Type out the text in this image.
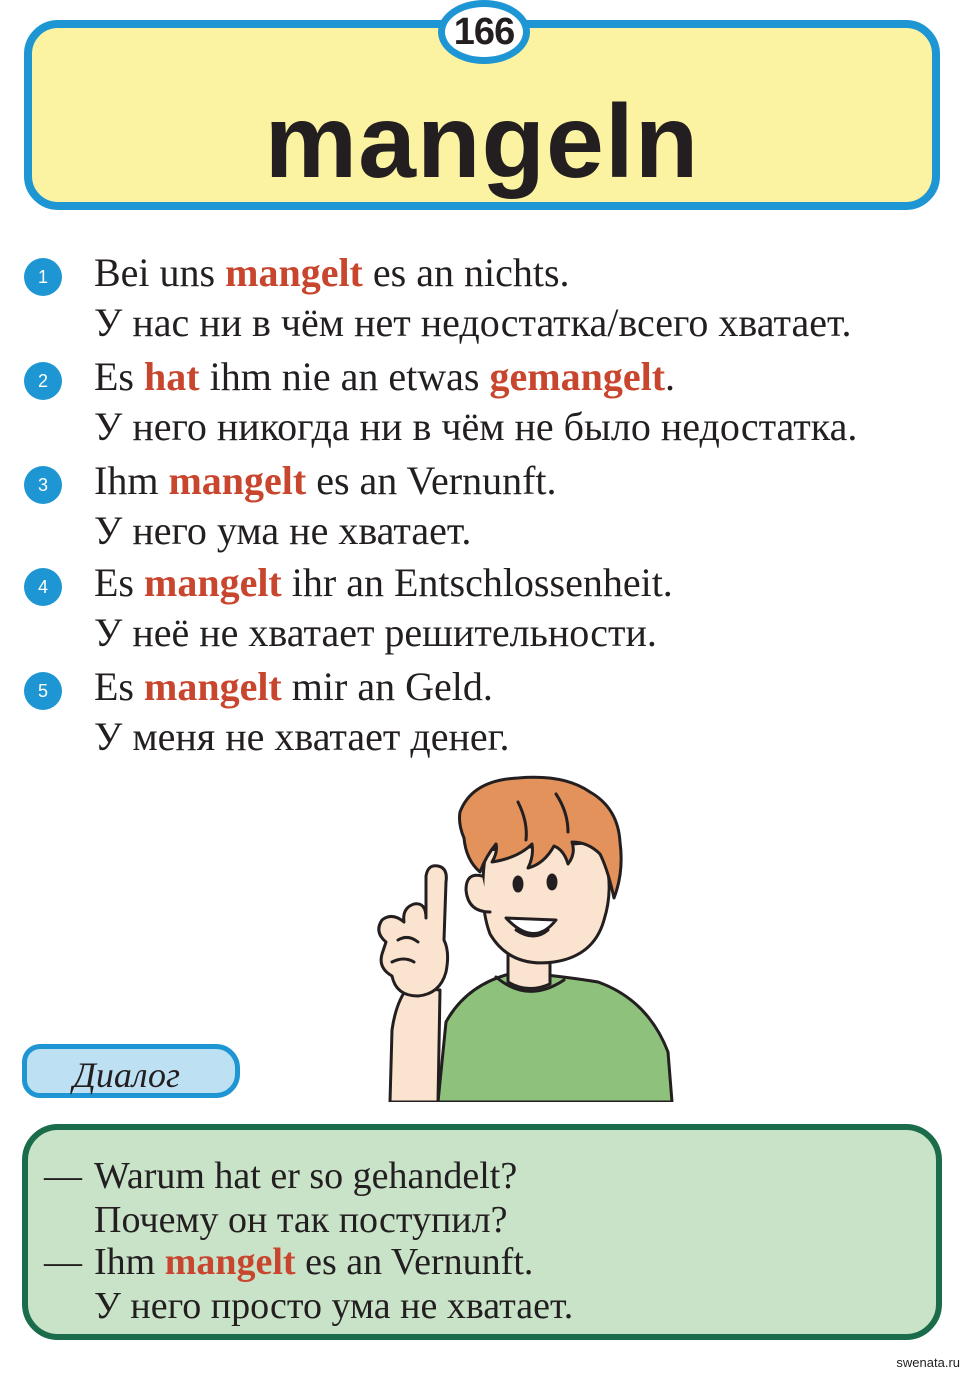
mangeln
166
1	Bei uns mangelt es an nichts.
У нас ни в чём нет недостатка/всего хватает.
2	Es hat ihm nie an etwas gemangelt.
У него никогда ни в чём не было недостатка.
3	Ihm mangelt es an Vernunft.
У него ума не хватает.
4	Es mangelt ihr an Entschlossenheit.
У неё не хватает решительности.
5	Es mangelt mir an Geld.
У меня не хватает денег.
Диалог
— Warum hat er so gehandelt?
Почему он так поступил?
— Ihm mangelt es an Vernunft.
У него просто ума не хватает.
swenata.ru
